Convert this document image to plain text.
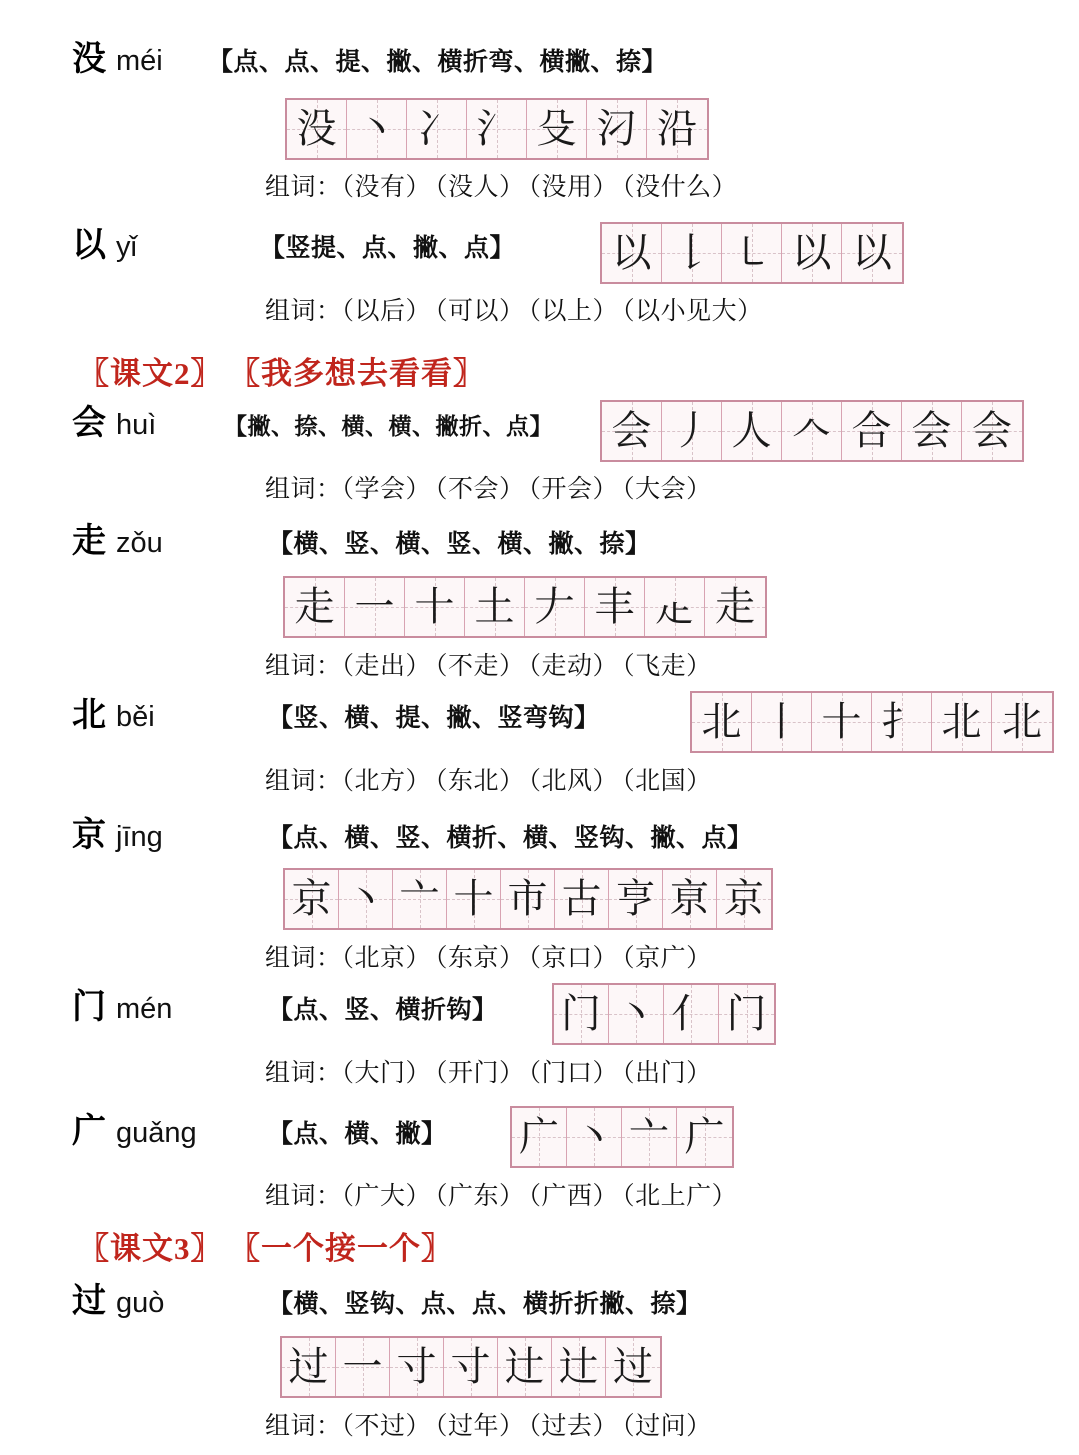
没 méi 【点、点、提、撇、横折弯、横撇、捺】
没 丶 冫 氵 殳 汈 沿
组词：（没有） （没人） （没用） （没什么）
以 yǐ	【竖提、点、撇、点】 以 𠄌 ㇄ 以 以
组词：（以后） （可以） （以上） （以小见大）
〖课文2〗 〖我多想去看看〗
会 huì	【撇、捺、横、横、撇折、点】 会 丿 人 𠆢 合 会 会
组词：（学会） （不会） （开会） （大会）
走 zǒu	【横、竖、横、竖、横、撇、捺】
走 一 十 土 𠂇 丰 龰 走
组词：（走出） （不走） （走动） （飞走）
北 běi	【竖、横、提、撇、竖弯钩】	北 丨 十 扌 北 北
组词：（北方） （东北） （北风） （北国）
京 jīng	【点、横、竖、横折、横、竖钩、撇、点】
京 丶 亠 十 市 古 亨 亰 京
组词：（北京） （东京） （京口） （京广）
门 mén	【点、竖、横折钩】 门 丶 亻 门
组词：（大门） （开门） （门口） （出门）
广 guǎng	【点、横、撇】 广 丶 亠 广
组词：（广大） （广东） （广西） （北上广）
〖课文3〗 〖一个接一个〗
过 guò	【横、竖钩、点、点、横折折撇、捺】
过 一 寸 寸 辻 辻 过
组词：（不过） （过年） （过去） （过问）
